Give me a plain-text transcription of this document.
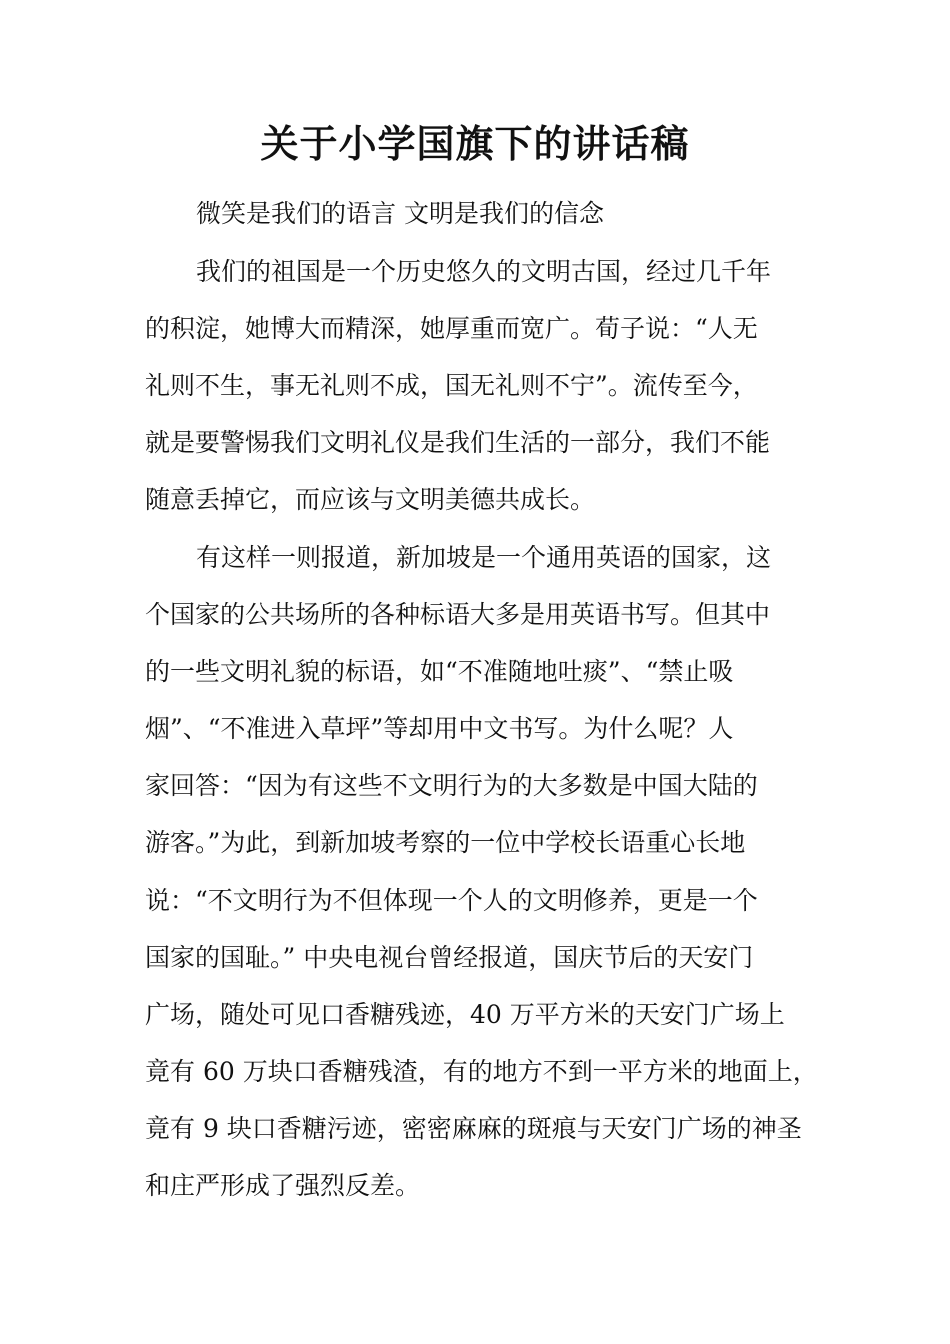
关于小学国旗下的讲话稿
微笑是我们的语言 文明是我们的信念
我们的祖国是一个历史悠久的文明古国，经过几千年
的积淀，她博大而精深，她厚重而宽广。荀子说：“人无
礼则不生，事无礼则不成，国无礼则不宁”。流传至今，
就是要警惕我们文明礼仪是我们生活的一部分，我们不能
随意丢掉它，而应该与文明美德共成长。
有这样一则报道，新加坡是一个通用英语的国家，这
个国家的公共场所的各种标语大多是用英语书写。但其中
的一些文明礼貌的标语，如“不准随地吐痰”、“禁止吸
烟”、“不准进入草坪”等却用中文书写。为什么呢？人
家回答：“因为有这些不文明行为的大多数是中国大陆的
游客。”为此，到新加坡考察的一位中学校长语重心长地
说：“不文明行为不但体现一个人的文明修养，更是一个
国家的国耻。” 中央电视台曾经报道，国庆节后的天安门
广场，随处可见口香糖残迹，40 万平方米的天安门广场上
竟有 60 万块口香糖残渣，有的地方不到一平方米的地面上，
竟有 9 块口香糖污迹，密密麻麻的斑痕与天安门广场的神圣
和庄严形成了强烈反差。
